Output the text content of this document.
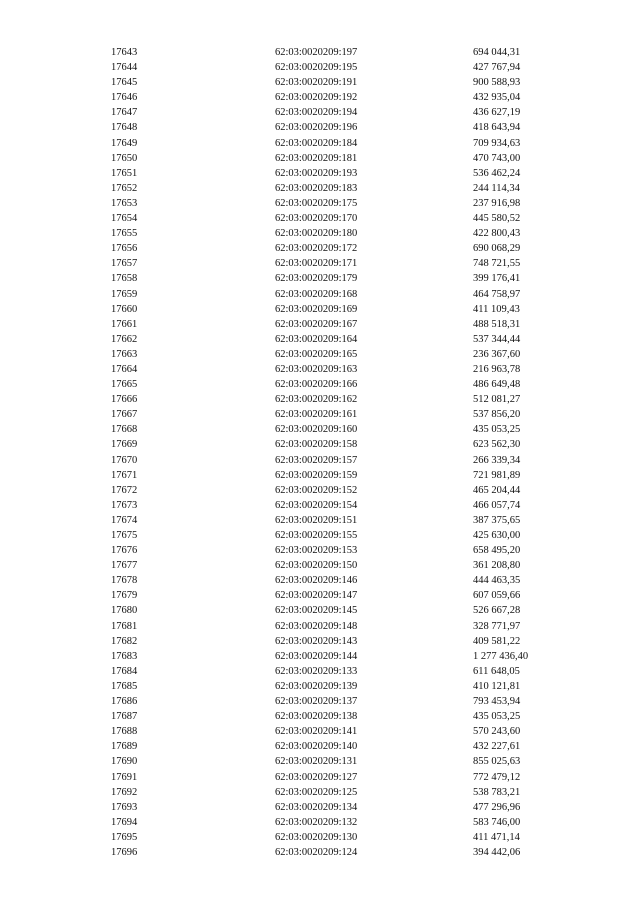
17643	62:03:0020209:197	694 044,31
17644	62:03:0020209:195	427 767,94
17645	62:03:0020209:191	900 588,93
17646	62:03:0020209:192	432 935,04
17647	62:03:0020209:194	436 627,19
17648	62:03:0020209:196	418 643,94
17649	62:03:0020209:184	709 934,63
17650	62:03:0020209:181	470 743,00
17651	62:03:0020209:193	536 462,24
17652	62:03:0020209:183	244 114,34
17653	62:03:0020209:175	237 916,98
17654	62:03:0020209:170	445 580,52
17655	62:03:0020209:180	422 800,43
17656	62:03:0020209:172	690 068,29
17657	62:03:0020209:171	748 721,55
17658	62:03:0020209:179	399 176,41
17659	62:03:0020209:168	464 758,97
17660	62:03:0020209:169	411 109,43
17661	62:03:0020209:167	488 518,31
17662	62:03:0020209:164	537 344,44
17663	62:03:0020209:165	236 367,60
17664	62:03:0020209:163	216 963,78
17665	62:03:0020209:166	486 649,48
17666	62:03:0020209:162	512 081,27
17667	62:03:0020209:161	537 856,20
17668	62:03:0020209:160	435 053,25
17669	62:03:0020209:158	623 562,30
17670	62:03:0020209:157	266 339,34
17671	62:03:0020209:159	721 981,89
17672	62:03:0020209:152	465 204,44
17673	62:03:0020209:154	466 057,74
17674	62:03:0020209:151	387 375,65
17675	62:03:0020209:155	425 630,00
17676	62:03:0020209:153	658 495,20
17677	62:03:0020209:150	361 208,80
17678	62:03:0020209:146	444 463,35
17679	62:03:0020209:147	607 059,66
17680	62:03:0020209:145	526 667,28
17681	62:03:0020209:148	328 771,97
17682	62:03:0020209:143	409 581,22
17683	62:03:0020209:144	1 277 436,40
17684	62:03:0020209:133	611 648,05
17685	62:03:0020209:139	410 121,81
17686	62:03:0020209:137	793 453,94
17687	62:03:0020209:138	435 053,25
17688	62:03:0020209:141	570 243,60
17689	62:03:0020209:140	432 227,61
17690	62:03:0020209:131	855 025,63
17691	62:03:0020209:127	772 479,12
17692	62:03:0020209:125	538 783,21
17693	62:03:0020209:134	477 296,96
17694	62:03:0020209:132	583 746,00
17695	62:03:0020209:130	411 471,14
17696	62:03:0020209:124	394 442,06
